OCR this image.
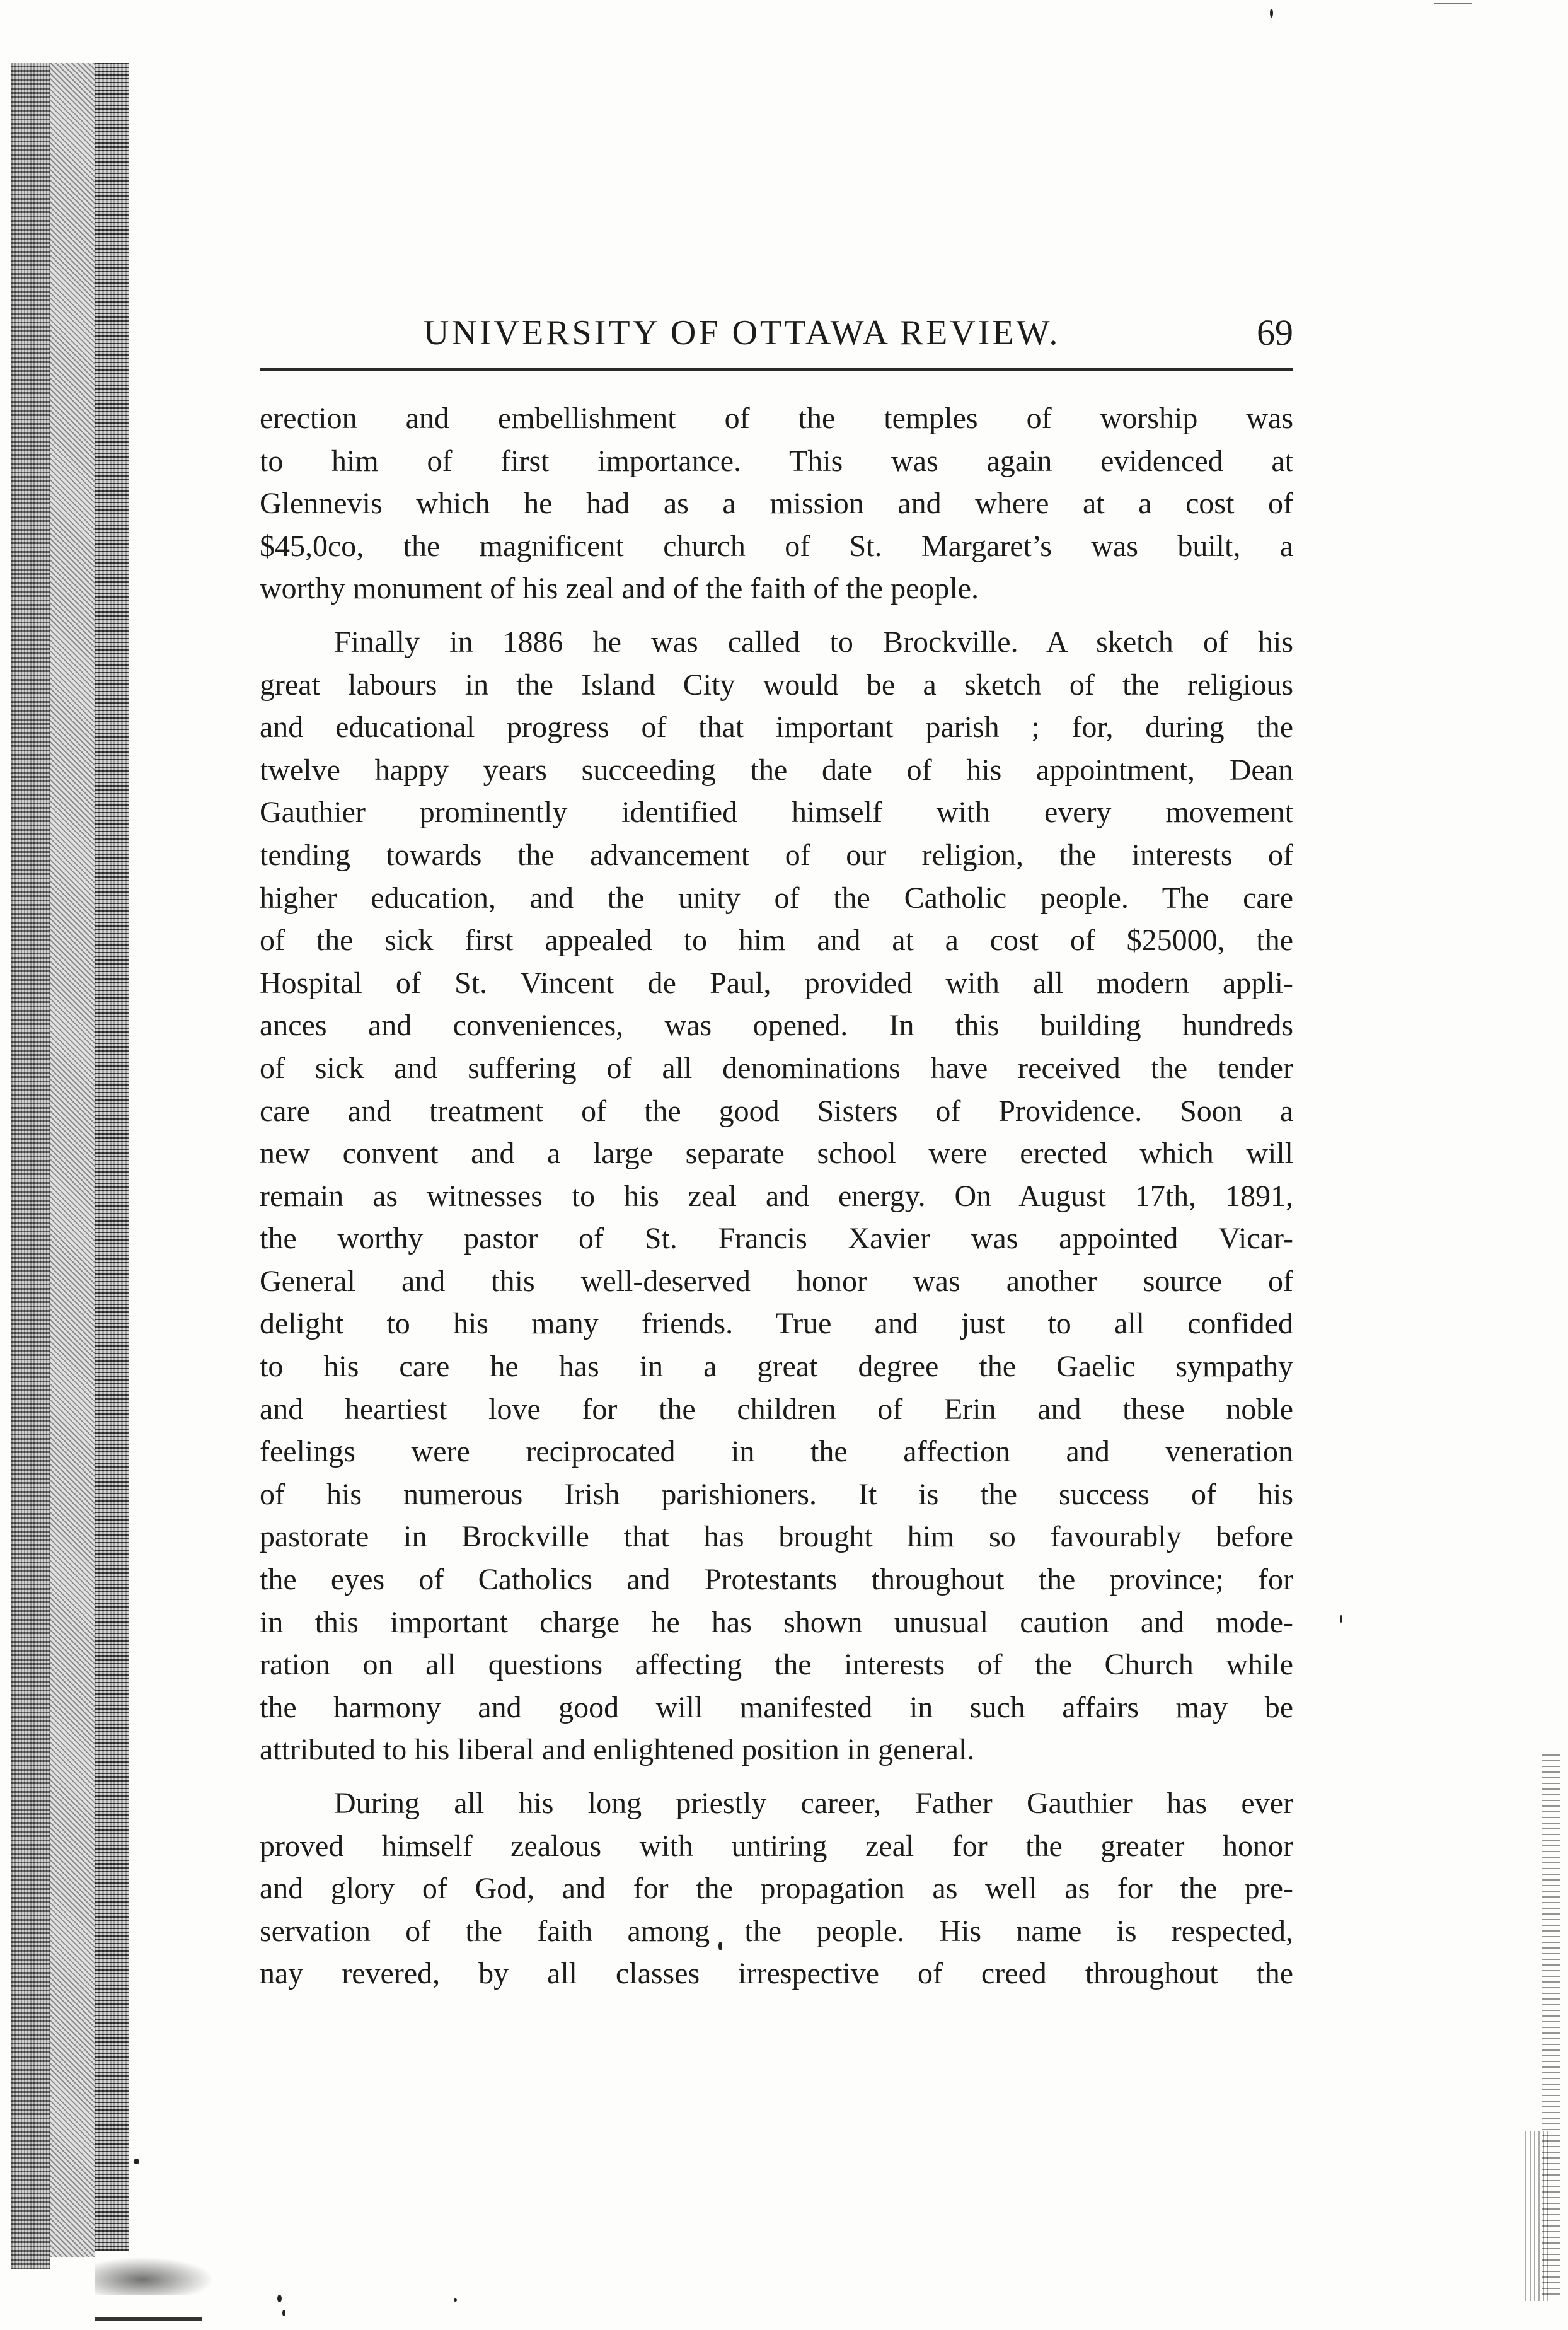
UNIVERSITY OF OTTAWA REVIEW.	69
erection and embellishment of the temples of worship was
to him of first importance. This was again evidenced at
Glennevis which he had as a mission and where at a cost of
$45,0co, the magnificent church of St. Margaret’s was built, a
worthy monument of his zeal and of the faith of the people.
Finally in 1886 he was called to Brockville. A sketch of his
great labours in the Island City would be a sketch of the religious
and educational progress of that important parish ; for, during the
twelve happy years succeeding the date of his appointment, Dean
Gauthier prominently identified himself with every movement
tending towards the advancement of our religion, the interests of
higher education, and the unity of the Catholic people. The care
of the sick first appealed to him and at a cost of $25000, the
Hospital of St. Vincent de Paul, provided with all modern appli-
ances and conveniences, was opened. In this building hundreds
of sick and suffering of all denominations have received the tender
care and treatment of the good Sisters of Providence. Soon a
new convent and a large separate school were erected which will
remain as witnesses to his zeal and energy. On August 17th, 1891,
the worthy pastor of St. Francis Xavier was appointed Vicar-
General and this well-deserved honor was another source of
delight to his many friends. True and just to all confided
to his care he has in a great degree the Gaelic sympathy
and heartiest love for the children of Erin and these noble
feelings were reciprocated in the affection and veneration
of his numerous Irish parishioners. It is the success of his
pastorate in Brockville that has brought him so favourably before
the eyes of Catholics and Protestants throughout the province; for
in this important charge he has shown unusual caution and mode-
ration on all questions affecting the interests of the Church while
the harmony and good will manifested in such affairs may be
attributed to his liberal and enlightened position in general.
During all his long priestly career, Father Gauthier has ever
proved himself zealous with untiring zeal for the greater honor
and glory of God, and for the propagation as well as for the pre-
servation of the faith among the people. His name is respected,
nay revered, by all classes irrespective of creed throughout the
